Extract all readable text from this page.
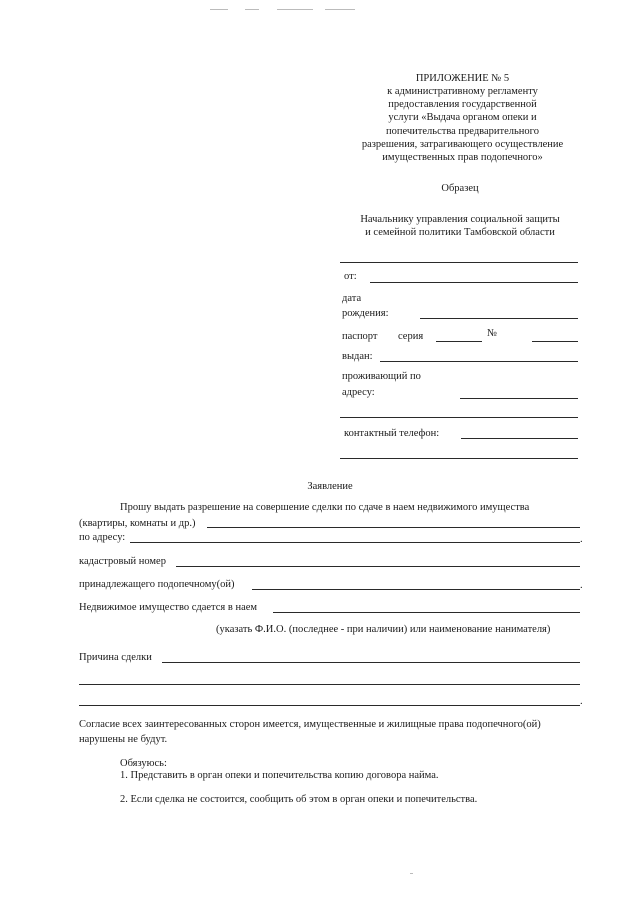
ПРИЛОЖЕНИЕ № 5
к административному регламенту
предоставления государственной
услуги «Выдача органом опеки и
попечительства предварительного
разрешения, затрагивающего осуществление
имущественных прав подопечного»
Образец
Начальнику управления социальной защиты
и семейной политики Тамбовской области
от:
дата
рождения:
паспорт серия	№
выдан:
проживающий по
адресу:
контактный телефон:
Заявление
Прошу выдать разрешение на совершение сделки по сдаче в наем недвижимого имущества
(квартиры, комнаты и др.)
по адресу:	.
кадастровый номер
принадлежащего подопечному(ой)	.
Недвижимое имущество сдается в наем
(указать Ф.И.О. (последнее - при наличии) или наименование нанимателя)
Причина сделки
.
Согласие всех заинтересованных сторон имеется, имущественные и жилищные права подопечного(ой)
нарушены не будут.
Обязуюсь:
1. Представить в орган опеки и попечительства копию договора найма.
2. Если сделка не состоится, сообщить об этом в орган опеки и попечительства.
